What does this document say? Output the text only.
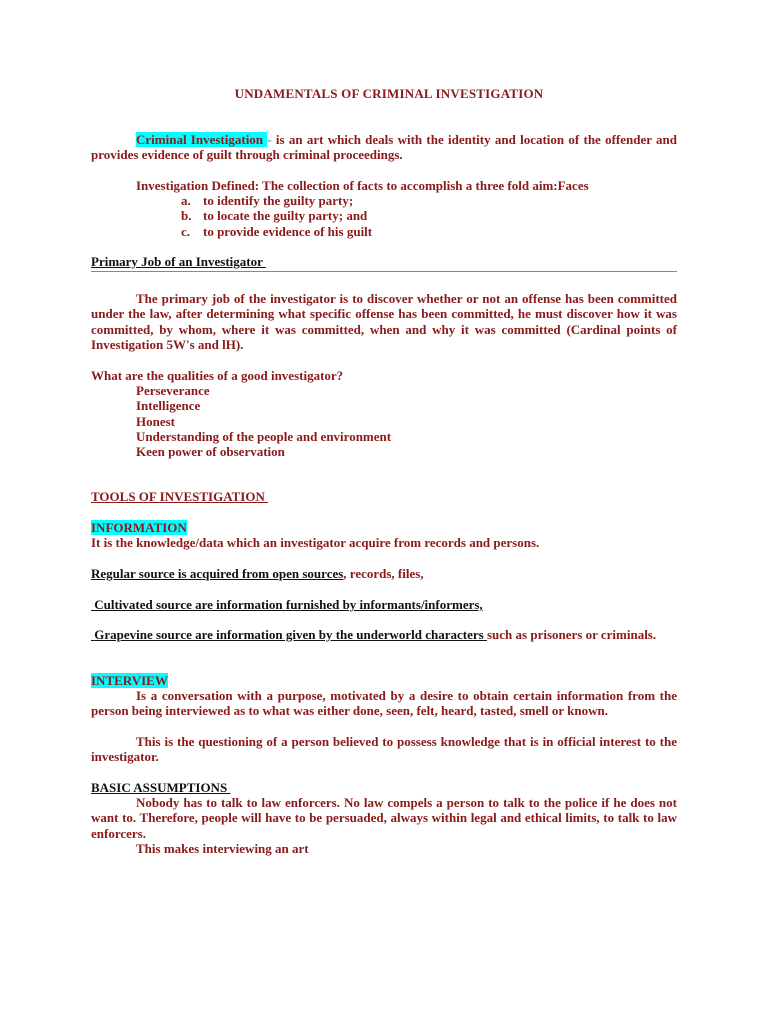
UNDAMENTALS OF CRIMINAL INVESTIGATION
Criminal Investigation - is an art which deals with the identity and location of the offender and provides evidence of guilt through criminal proceedings.
Investigation Defined: The collection of facts to accomplish a three fold aim:Faces
a. to identify the guilty party;
b. to locate the guilty party; and
c. to provide evidence of his guilt
Primary Job of an Investigator
The primary job of the investigator is to discover whether or not an offense has been committed under the law, after determining what specific offense has been committed, he must discover how it was committed, by whom, where it was committed, when and why it was committed (Cardinal points of Investigation 5W's and lH).
What are the qualities of a good investigator?
Perseverance
Intelligence
Honest
Understanding of the people and environment
Keen power of observation
TOOLS OF INVESTIGATION
INFORMATION
It is the knowledge/data which an investigator acquire from records and persons.
Regular source is acquired from open sources, records, files,
Cultivated source are information furnished by informants/informers,
Grapevine source are information given by the underworld characters such as prisoners or criminals.
INTERVIEW
Is a conversation with a purpose, motivated by a desire to obtain certain information from the person being interviewed as to what was either done, seen, felt, heard, tasted, smell or known.
This is the questioning of a person believed to possess knowledge that is in official interest to the investigator.
BASIC ASSUMPTIONS
Nobody has to talk to law enforcers. No law compels a person to talk to the police if he does not want to. Therefore, people will have to be persuaded, always within legal and ethical limits, to talk to law enforcers.
This makes interviewing an art
